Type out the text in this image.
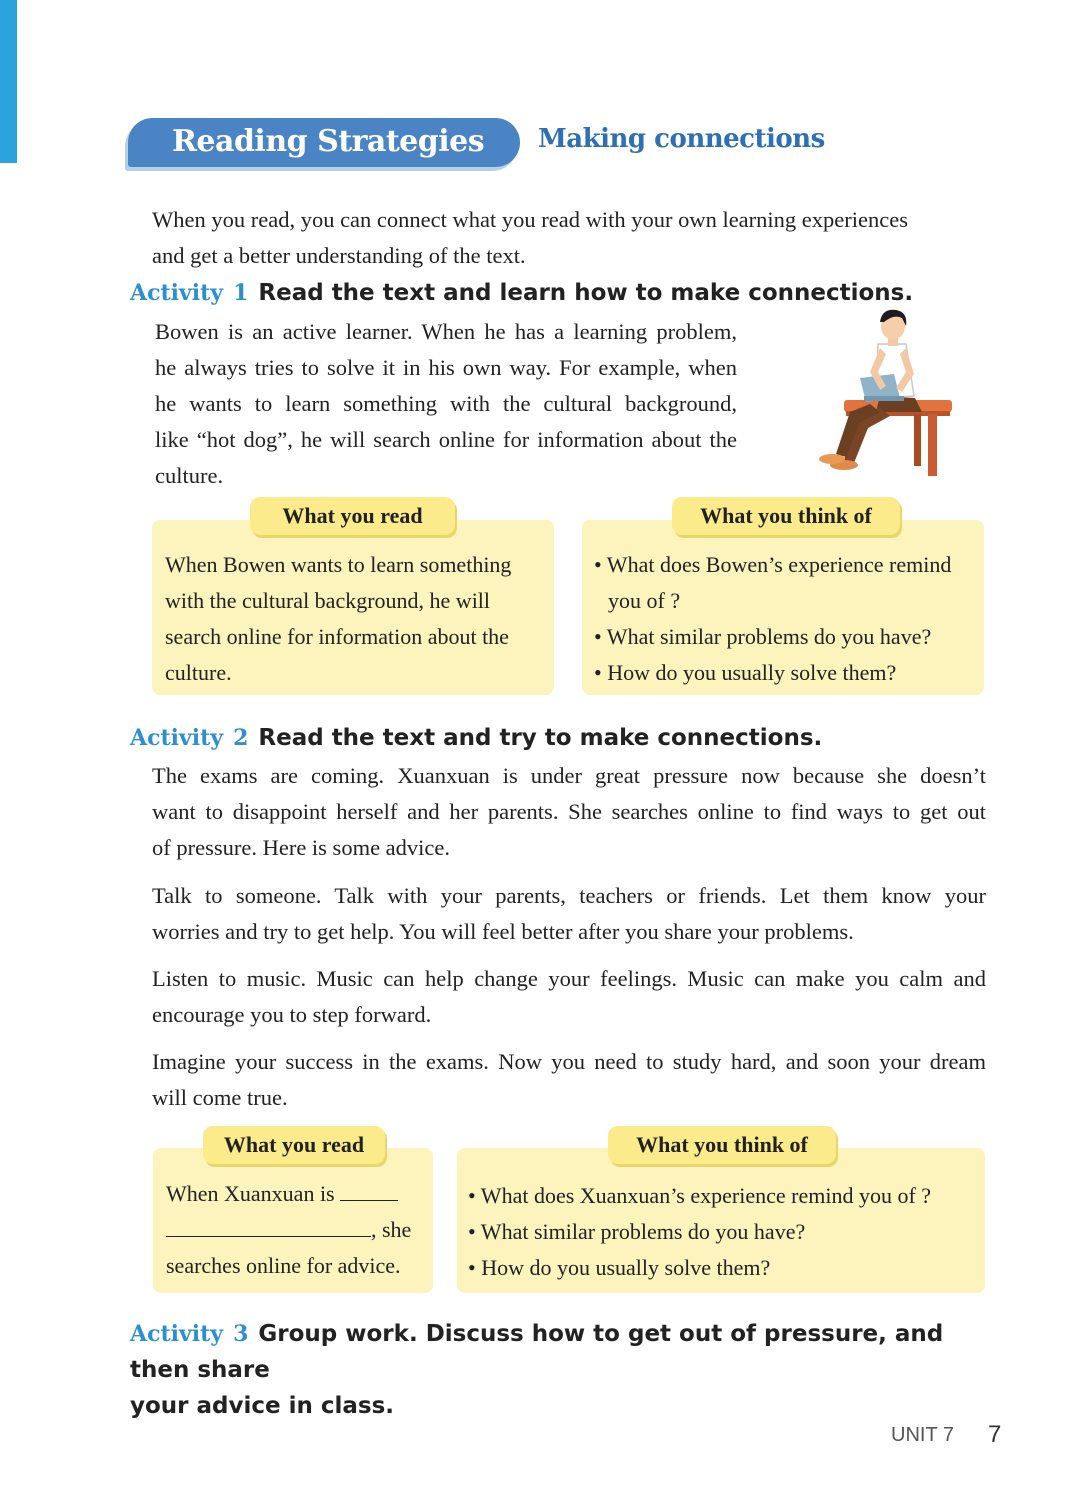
Reading Strategies	Making connections
When you read, you can connect what you read with your own learning experiences
and get a better understanding of the text.
Activity 1 Read the text and learn how to make connections.
Bowen is an active learner. When he has a learning problem,
he always tries to solve it in his own way. For example, when
he wants to learn something with the cultural background,
like “hot dog”, he will search online for information about the
culture.
When Bowen wants to learn something
with the cultural background, he will
search online for information about the
culture.
What you read
• What does Bowen’s experience remind you of ?
• What similar problems do you have?
• How do you usually solve them?
What you think of
Activity 2 Read the text and try to make connections.
The exams are coming. Xuanxuan is under great pressure now because she doesn’t
want to disappoint herself and her parents. She searches online to find ways to get out
of pressure. Here is some advice.
Talk to someone. Talk with your parents, teachers or friends. Let them know your
worries and try to get help. You will feel better after you share your problems.
Listen to music. Music can help change your feelings. Music can make you calm and
encourage you to step forward.
Imagine your success in the exams. Now you need to study hard, and soon your dream
will come true.
When Xuanxuan is
, she
searches online for advice.
What you read
• What does Xuanxuan’s experience remind you of ?
• What similar problems do you have?
• How do you usually solve them?
What you think of
Activity 3 Group work. Discuss how to get out of pressure, and then share
your advice in class.
UNIT 7 7
